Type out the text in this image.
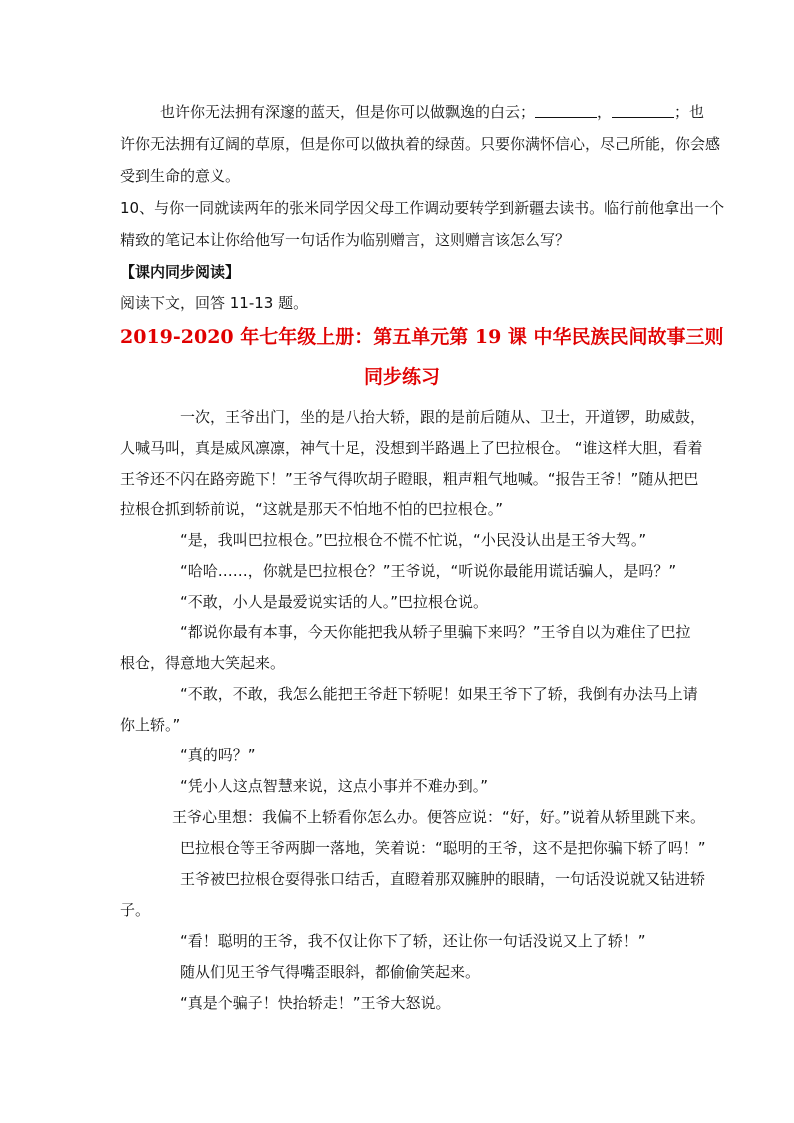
也许你无法拥有深邃的蓝天，但是你可以做飘逸的白云；	，	；也

许你无法拥有辽阔的草原，但是你可以做执着的绿茵。只要你满怀信心，尽己所能，你会感

受到生命的意义。

10、与你一同就读两年的张米同学因父母工作调动要转学到新疆去读书。临行前他拿出一个

精致的笔记本让你给他写一句话作为临别赠言，这则赠言该怎么写？

【课内同步阅读】

阅读下文，回答 11-13 题。

2019-2020 年七年级上册：第五单元第 19 课 中华民族民间故事三则

同步练习

一次，王爷出门，坐的是八抬大轿，跟的是前后随从、卫士，开道锣，助威鼓，

人喊马叫，真是威风凛凛，神气十足，没想到半路遇上了巴拉根仓。 “谁这样大胆，看着

王爷还不闪在路旁跪下！”王爷气得吹胡子瞪眼，粗声粗气地喊。“报告王爷！”随从把巴

拉根仓抓到轿前说，“这就是那天不怕地不怕的巴拉根仓。”

“是，我叫巴拉根仓。”巴拉根仓不慌不忙说，“小民没认出是王爷大驾。”

“哈哈……，你就是巴拉根仓？”王爷说，“听说你最能用谎话骗人，是吗？”

“不敢，小人是最爱说实话的人。”巴拉根仓说。

“都说你最有本事，今天你能把我从轿子里骗下来吗？”王爷自以为难住了巴拉

根仓，得意地大笑起来。

“不敢，不敢，我怎么能把王爷赶下轿呢！如果王爷下了轿，我倒有办法马上请

你上轿。”

“真的吗？”

“凭小人这点智慧来说，这点小事并不难办到。”

王爷心里想：我偏不上轿看你怎么办。便答应说：“好，好。”说着从轿里跳下来。

巴拉根仓等王爷两脚一落地，笑着说：“聪明的王爷，这不是把你骗下轿了吗！”

王爷被巴拉根仓耍得张口结舌，直瞪着那双臃肿的眼睛，一句话没说就又钻进轿

子。

“看！聪明的王爷，我不仅让你下了轿，还让你一句话没说又上了轿！”

随从们见王爷气得嘴歪眼斜，都偷偷笑起来。

“真是个骗子！快抬轿走！”王爷大怒说。
